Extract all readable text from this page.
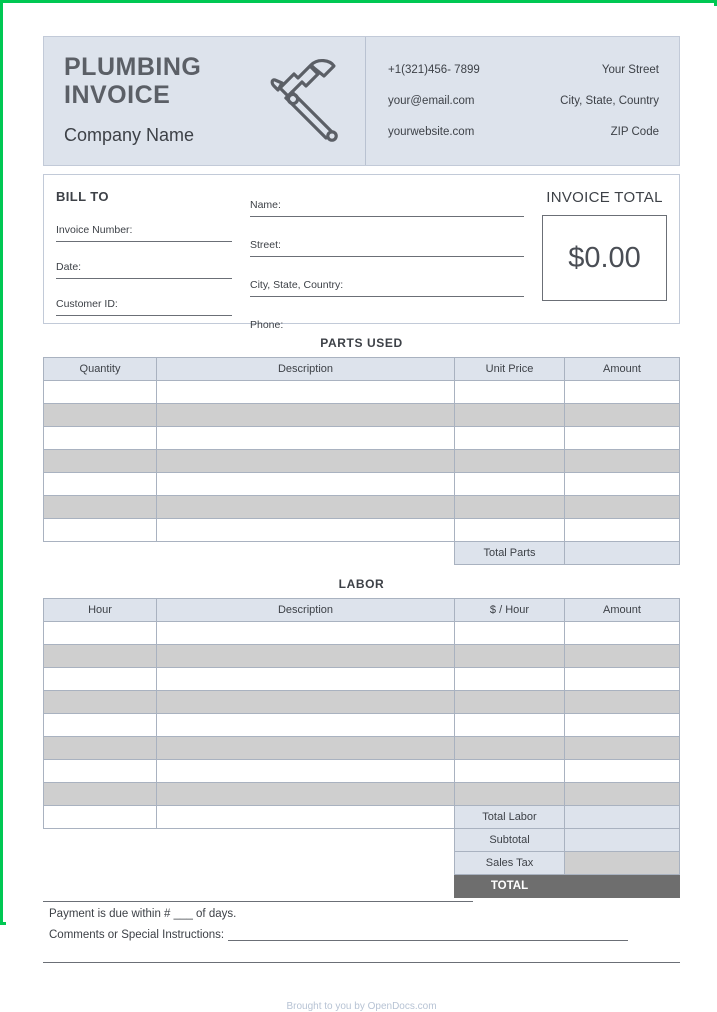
PLUMBING
INVOICE
Company Name
+1(321)456- 7899	Your Street
your@email.com	City, State, Country
yourwebsite.com	ZIP Code
BILL TO
Invoice Number:
Date:
Customer ID:
Name:
Street:
City, State, Country:
Phone:
INVOICE TOTAL
$0.00
PARTS USED
Quantity	Description	Unit Price	Amount

		Total Parts	
LABOR
Hour	Description	$ / Hour	Amount

		Total Labor	
		Subtotal	
		Sales Tax	
		TOTAL	
Payment is due within # ___ of days.
Comments or Special Instructions:
Brought to you by OpenDocs.com
